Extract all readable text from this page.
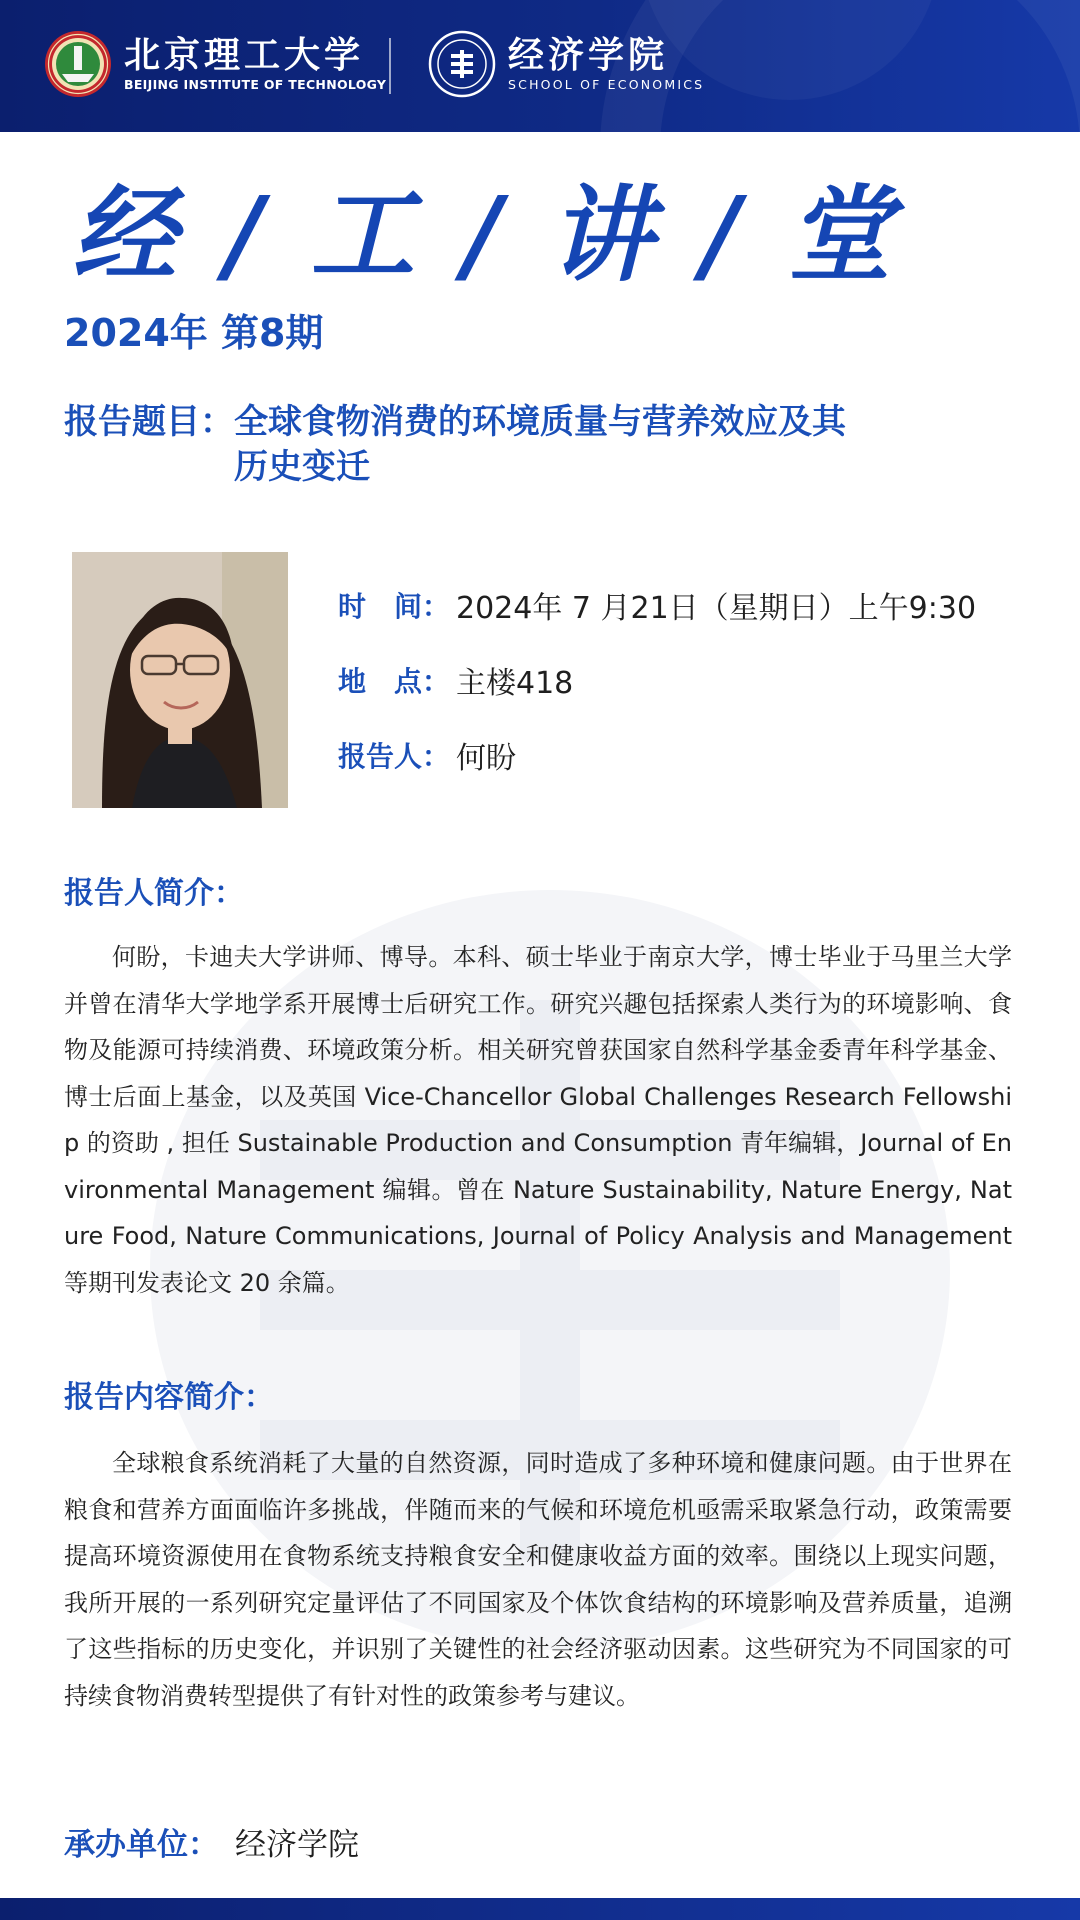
北京理工大学
BEIJING INSTITUTE OF TECHNOLOGY
经济学院
SCHOOL OF ECONOMICS
经 / 工 / 讲 / 堂
2024年 第8期
报告题目： 全球食物消费的环境质量与营养效应及其历史变迁
时　间： 2024年 7 月21日（星期日）上午9:30
地　点： 主楼418
报告人： 何盼
报告人简介：
何盼，卡迪夫大学讲师、博导。本科、硕士毕业于南京大学，博士毕业于马里兰大学并曾在清华大学地学系开展博士后研究工作。研究兴趣包括探索人类行为的环境影响、食物及能源可持续消费、环境政策分析。相关研究曾获国家自然科学基金委青年科学基金、博士后面上基金，以及英国 Vice-Chancellor Global Challenges Research Fellowship 的资助 , 担任 Sustainable Production and Consumption 青年编辑，Journal of Environmental Management 编辑。曾在 Nature Sustainability, Nature Energy, Nature Food, Nature Communications, Journal of Policy Analysis and Management 等期刊发表论文 20 余篇。
报告内容简介：
全球粮食系统消耗了大量的自然资源，同时造成了多种环境和健康问题。由于世界在粮食和营养方面面临许多挑战，伴随而来的气候和环境危机亟需采取紧急行动，政策需要提高环境资源使用在食物系统支持粮食安全和健康收益方面的效率。围绕以上现实问题，我所开展的一系列研究定量评估了不同国家及个体饮食结构的环境影响及营养质量，追溯了这些指标的历史变化，并识别了关键性的社会经济驱动因素。这些研究为不同国家的可持续食物消费转型提供了有针对性的政策参考与建议。
承办单位： 经济学院
